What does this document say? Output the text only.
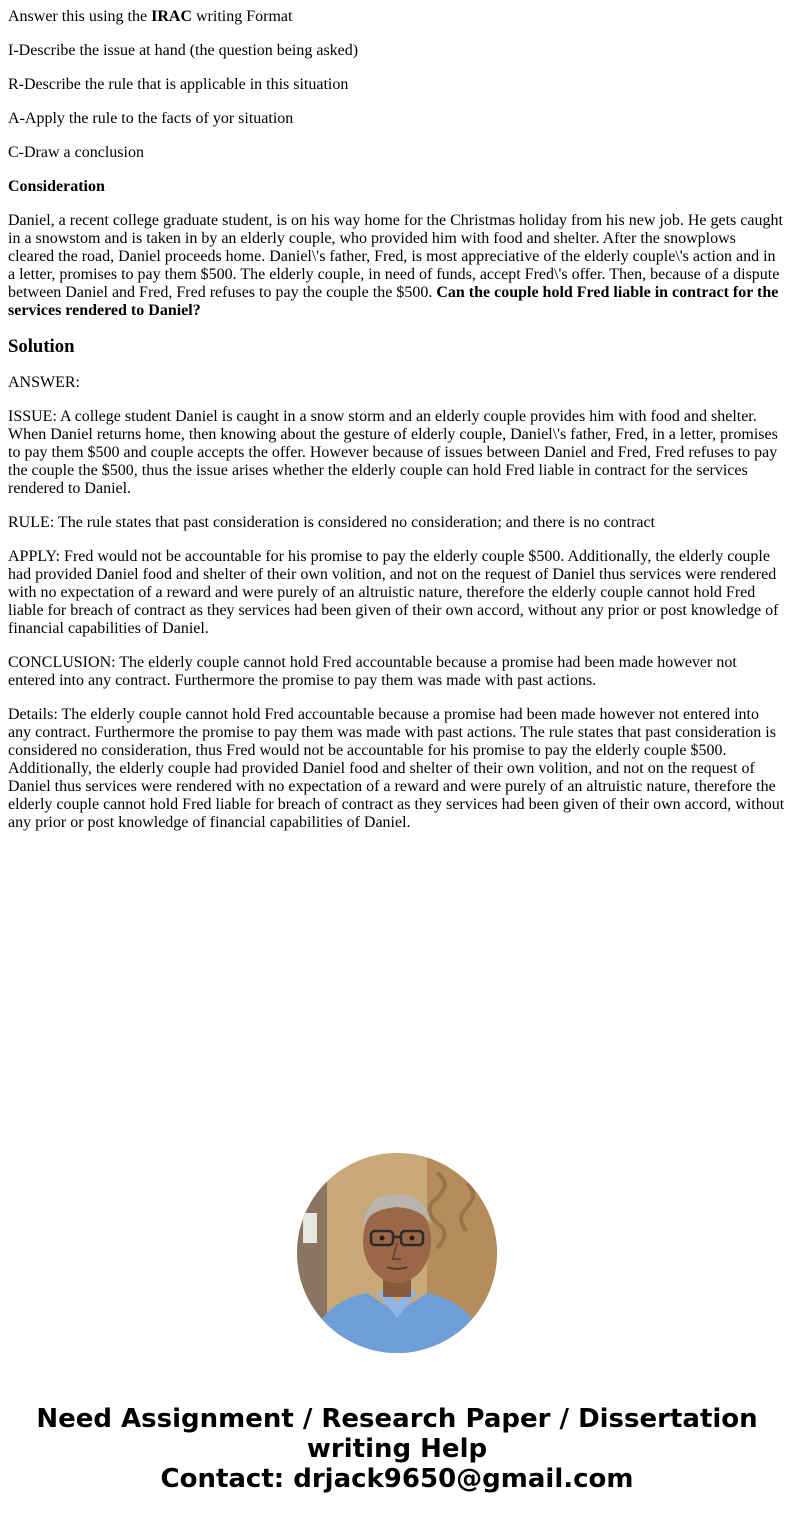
Answer this using the IRAC writing Format

I-Describe the issue at hand (the question being asked)

R-Describe the rule that is applicable in this situation

A-Apply the rule to the facts of yor situation

C-Draw a conclusion

Consideration

Daniel, a recent college graduate student, is on his way home for the Christmas holiday from his new job. He gets caught in a snowstom and is taken in by an elderly couple, who provided him with food and shelter. After the snowplows cleared the road, Daniel proceeds home. Daniel\'s father, Fred, is most appreciative of the elderly couple\'s action and in a letter, promises to pay them $500. The elderly couple, in need of funds, accept Fred\'s offer. Then, because of a dispute between Daniel and Fred, Fred refuses to pay the couple the $500. Can the couple hold Fred liable in contract for the services rendered to Daniel?

Solution

ANSWER:

ISSUE: A college student Daniel is caught in a snow storm and an elderly couple provides him with food and shelter. When Daniel returns home, then knowing about the gesture of elderly couple, Daniel\'s father, Fred, in a letter, promises to pay them $500 and couple accepts the offer. However because of issues between Daniel and Fred, Fred refuses to pay the couple the $500, thus the issue arises whether the elderly couple can hold Fred liable in contract for the services rendered to Daniel.

RULE: The rule states that past consideration is considered no consideration; and there is no contract

APPLY: Fred would not be accountable for his promise to pay the elderly couple $500. Additionally, the elderly couple had provided Daniel food and shelter of their own volition, and not on the request of Daniel thus services were rendered with no expectation of a reward and were purely of an altruistic nature, therefore the elderly couple cannot hold Fred liable for breach of contract as they services had been given of their own accord, without any prior or post knowledge of financial capabilities of Daniel.

CONCLUSION: The elderly couple cannot hold Fred accountable because a promise had been made however not entered into any contract. Furthermore the promise to pay them was made with past actions.

Details: The elderly couple cannot hold Fred accountable because a promise had been made however not entered into any contract. Furthermore the promise to pay them was made with past actions. The rule states that past consideration is considered no consideration, thus Fred would not be accountable for his promise to pay the elderly couple $500. Additionally, the elderly couple had provided Daniel food and shelter of their own volition, and not on the request of Daniel thus services were rendered with no expectation of a reward and were purely of an altruistic nature, therefore the elderly couple cannot hold Fred liable for breach of contract as they services had been given of their own accord, without any prior or post knowledge of financial capabilities of Daniel.

Need Assignment / Research Paper / Dissertation
writing Help
Contact: drjack9650@gmail.com
